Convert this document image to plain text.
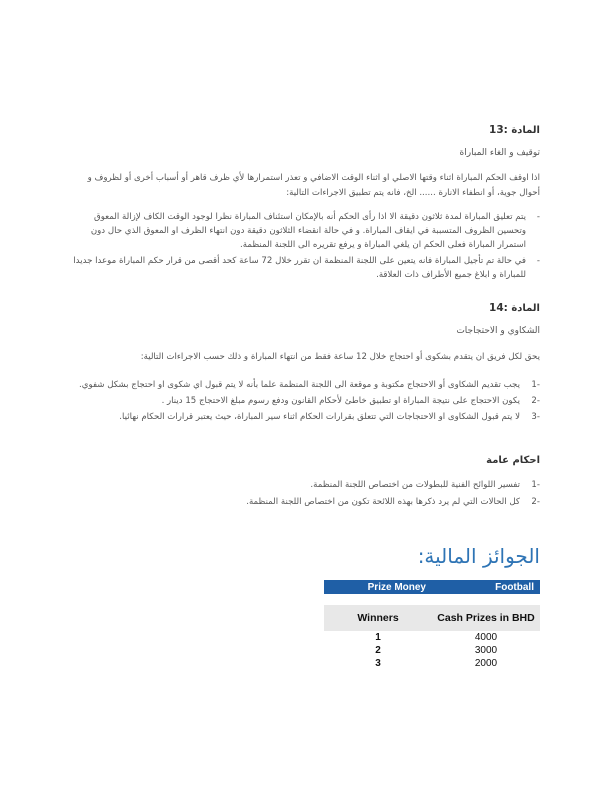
المادة 13:
توقيف و الغاء المباراة
اذا اوقف الحكم المباراة اثناء وقتها الاصلي او اثناء الوقت الاضافي و تعذر استمرارها لأي ظرف قاهر أو أسباب أخرى أو لظروف و أحوال جوية، أو انطفاء الانارة ...... الخ، فانه يتم تطبيق الاجراءات التالية:
- يتم تعليق المباراة لمدة ثلاثون دقيقة الا اذا رأى الحكم أنه بالإمكان استئناف المباراة نظرا لوجود الوقت الكاف لإزالة المعوق وتحسين الظروف المتسببة في ايقاف المباراة. و في حالة انقضاء الثلاثون دقيقة دون انتهاء الظرف او المعوق الذي حال دون استمرار المباراة فعلى الحكم ان يلغي المباراة و يرفع تقريره الى اللجنة المنظمة.
- في حالة تم تأجيل المباراة فانه يتعين على اللجنة المنظمة ان تقرر خلال 72 ساعة كحد أقصى من قرار حكم المباراة موعدا جديدا للمباراة و ابلاغ جميع الأطراف ذات العلاقة.
المادة 14:
الشكاوي و الاحتجاجات
يحق لكل فريق ان يتقدم بشكوى أو احتجاج خلال 12 ساعة فقط من انتهاء المباراة و ذلك حسب الاجراءات التالية:
1-
يجب تقديم الشكاوى أو الاحتجاج مكتوبة و موقعة الى اللجنة المنظمة علما بأنه لا يتم قبول اي شكوى او احتجاج بشكل شفوي.
2-
يكون الاحتجاج على نتيجة المباراة او تطبيق خاطئ لأحكام القانون ودفع رسوم مبلغ الاحتجاج 15 دينار .
3-
لا يتم قبول الشكاوى او الاحتجاجات التي تتعلق بقرارات الحكام اثناء سير المباراة، حيث يعتبر قرارات الحكام نهائيا.
احكام عامة
1-
تفسير اللوائح الفنية للبطولات من اختصاص اللجنة المنظمة.
2-
كل الحالات التي لم يرد ذكرها بهذه اللائحة تكون من اختصاص اللجنة المنظمة.
الجوائز المالية:
Prize Money	Football

Winners	Cash Prizes in BHD
1	4000
2	3000
3	2000
